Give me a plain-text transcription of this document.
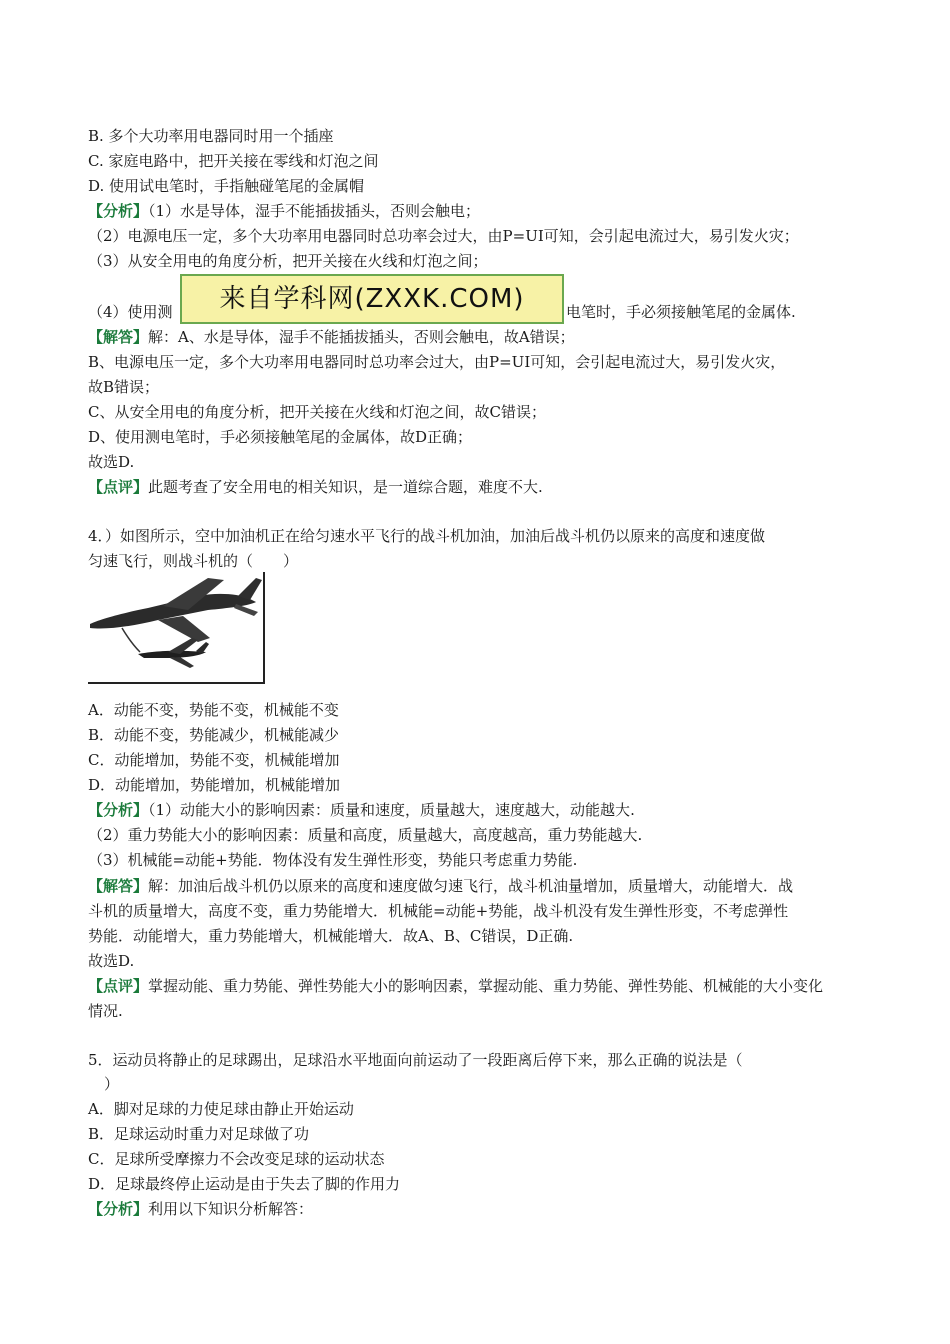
B. 多个大功率用电器同时用一个插座
C. 家庭电路中，把开关接在零线和灯泡之间
D. 使用试电笔时，手指触碰笔尾的金属帽
【分析】（1）水是导体，湿手不能插拔插头，否则会触电；
（2）电源电压一定，多个大功率用电器同时总功率会过大，由P=UI可知，会引起电流过大，易引发火灾；
（3）从安全用电的角度分析，把开关接在火线和灯泡之间；
（4）使用测	电笔时，手必须接触笔尾的金属体.
来自学科网(ZXXK.COM)
【解答】解：A、水是导体，湿手不能插拔插头，否则会触电，故A错误；
B、电源电压一定，多个大功率用电器同时总功率会过大，由P=UI可知，会引起电流过大，易引发火灾，
故B错误；
C、从安全用电的角度分析，把开关接在火线和灯泡之间，故C错误；
D、使用测电笔时，手必须接触笔尾的金属体，故D正确；
故选D.
【点评】此题考查了安全用电的相关知识，是一道综合题，难度不大.
4．）如图所示，空中加油机正在给匀速水平飞行的战斗机加油，加油后战斗机仍以原来的高度和速度做
匀速飞行，则战斗机的（　　）
A．动能不变，势能不变，机械能不变
B．动能不变，势能减少，机械能减少
C．动能增加，势能不变，机械能增加
D．动能增加，势能增加，机械能增加
【分析】（1）动能大小的影响因素：质量和速度，质量越大，速度越大，动能越大.
（2）重力势能大小的影响因素：质量和高度，质量越大，高度越高，重力势能越大.
（3）机械能=动能+势能．物体没有发生弹性形变，势能只考虑重力势能.
【解答】解：加油后战斗机仍以原来的高度和速度做匀速飞行，战斗机油量增加，质量增大，动能增大．战
斗机的质量增大，高度不变，重力势能增大．机械能=动能+势能，战斗机没有发生弹性形变，不考虑弹性
势能．动能增大，重力势能增大，机械能增大．故A、B、C错误，D正确.
故选D.
【点评】掌握动能、重力势能、弹性势能大小的影响因素，掌握动能、重力势能、弹性势能、机械能的大小变化
情况.
5．运动员将静止的足球踢出，足球沿水平地面向前运动了一段距离后停下来，那么正确的说法是（
）
A．脚对足球的力使足球由静止开始运动
B．足球运动时重力对足球做了功
C．足球所受摩擦力不会改变足球的运动状态
D．足球最终停止运动是由于失去了脚的作用力
【分析】利用以下知识分析解答：
